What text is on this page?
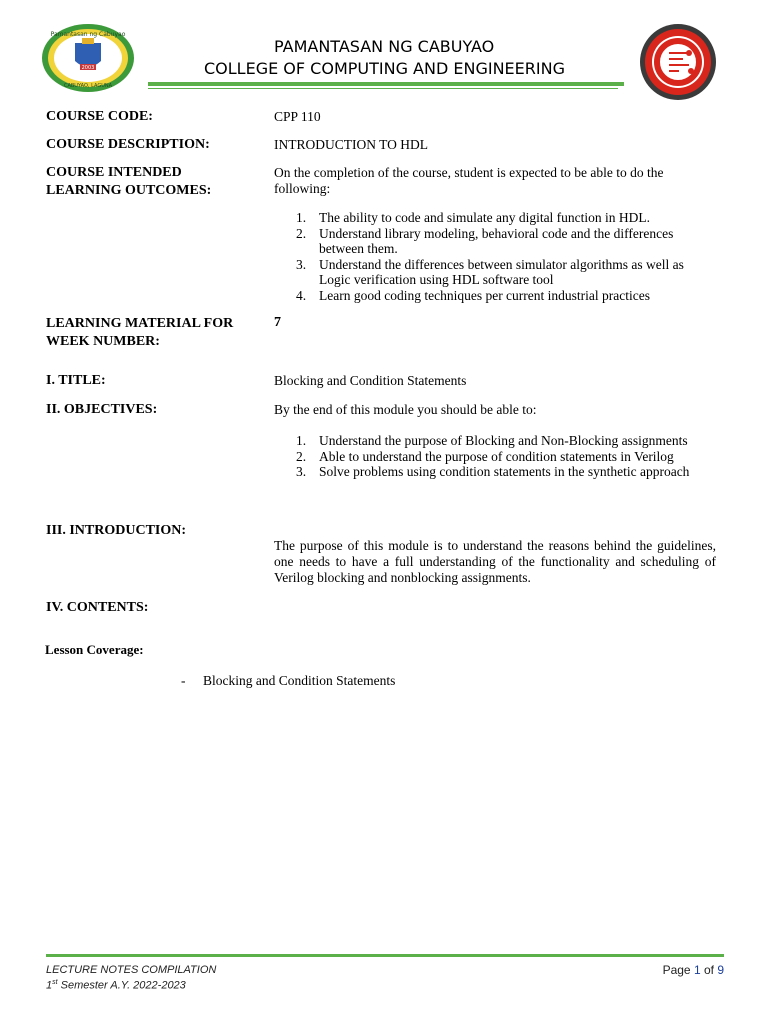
Pamantasan ng Cabuyao
CABUYAO, LAGUNA
2003
PAMANTASAN NG CABUYAO
COLLEGE OF COMPUTING AND ENGINEERING
COURSE CODE:	CPP 110
COURSE DESCRIPTION:	INTRODUCTION TO HDL
COURSE INTENDED
LEARNING OUTCOMES:
On the completion of the course, student is expected to be able to do the following:
1. The ability to code and simulate any digital function in HDL.
2. Understand library modeling, behavioral code and the differences between them.
3. Understand the differences between simulator algorithms as well as Logic verification using HDL software tool
4. Learn good coding techniques per current industrial practices
LEARNING MATERIAL FOR
WEEK NUMBER:
7
I. TITLE:	Blocking and Condition Statements
II. OBJECTIVES:	By the end of this module you should be able to:
1. Understand the purpose of Blocking and Non-Blocking assignments
2. Able to understand the purpose of condition statements in Verilog
3. Solve problems using condition statements in the synthetic approach
III. INTRODUCTION:
The purpose of this module is to understand the reasons behind the guidelines, one needs to have a full understanding of the functionality and scheduling of Verilog blocking and nonblocking assignments.
IV. CONTENTS:
Lesson Coverage:
- Blocking and Condition Statements
LECTURE NOTES COMPILATION
1st Semester A.Y. 2022-2023
Page 1 of 9
